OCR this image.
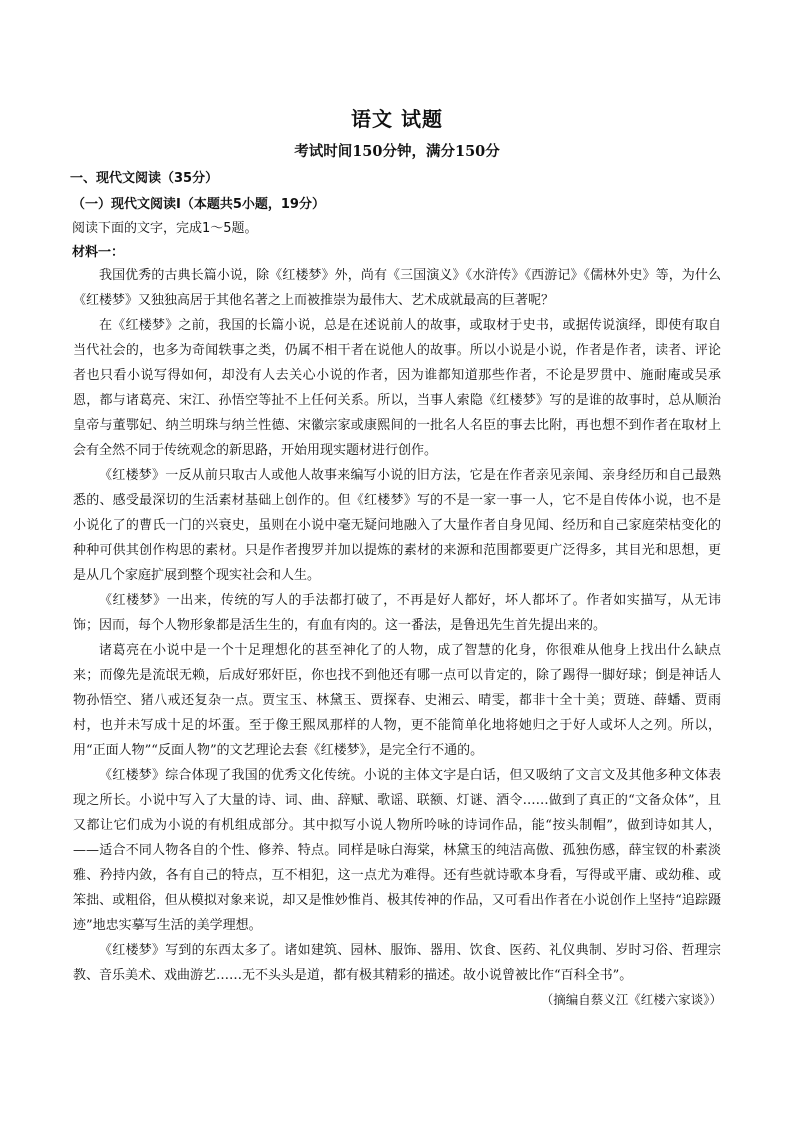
语文 试题
考试时间150分钟，满分150分
一、现代文阅读（35分）
（一）现代文阅读Ⅰ（本题共5小题，19分）
阅读下面的文字，完成1～5题。
材料一：

我国优秀的古典长篇小说，除《红楼梦》外，尚有《三国演义》《水浒传》《西游记》《儒林外史》等，为什么《红楼梦》又独独高居于其他名著之上而被推崇为最伟大、艺术成就最高的巨著呢？

在《红楼梦》之前，我国的长篇小说，总是在述说前人的故事，或取材于史书，或据传说演绎，即使有取自当代社会的，也多为奇闻轶事之类，仍属不相干者在说他人的故事。所以小说是小说，作者是作者，读者、评论者也只看小说写得如何，却没有人去关心小说的作者，因为谁都知道那些作者，不论是罗贯中、施耐庵或吴承恩，都与诸葛亮、宋江、孙悟空等扯不上任何关系。所以，当事人索隐《红楼梦》写的是谁的故事时，总从顺治皇帝与董鄂妃、纳兰明珠与纳兰性德、宋徽宗家或康熙间的一批名人名臣的事去比附，再也想不到作者在取材上会有全然不同于传统观念的新思路，开始用现实题材进行创作。

《红楼梦》一反从前只取古人或他人故事来编写小说的旧方法，它是在作者亲见亲闻、亲身经历和自己最熟悉的、感受最深切的生活素材基础上创作的。但《红楼梦》写的不是一家一事一人，它不是自传体小说，也不是小说化了的曹氏一门的兴衰史，虽则在小说中毫无疑问地融入了大量作者自身见闻、经历和自己家庭荣枯变化的种种可供其创作构思的素材。只是作者搜罗并加以提炼的素材的来源和范围都要更广泛得多，其目光和思想，更是从几个家庭扩展到整个现实社会和人生。

《红楼梦》一出来，传统的写人的手法都打破了，不再是好人都好，坏人都坏了。作者如实描写，从无讳饰；因而，每个人物形象都是活生生的，有血有肉的。这一番法，是鲁迅先生首先提出来的。

诸葛亮在小说中是一个十足理想化的甚至神化了的人物，成了智慧的化身，你很难从他身上找出什么缺点来；而像先是流氓无赖，后成好邪奸臣，你也找不到他还有哪一点可以肯定的，除了踢得一脚好球；倒是神话人物孙悟空、猪八戒还复杂一点。贾宝玉、林黛玉、贾探春、史湘云、晴雯，都非十全十美；贾琏、薛蟠、贾雨村，也并未写成十足的坏蛋。至于像王熙凤那样的人物，更不能简单化地将她归之于好人或坏人之列。所以，用“正面人物”“反面人物”的文艺理论去套《红楼梦》，是完全行不通的。

《红楼梦》综合体现了我国的优秀文化传统。小说的主体文字是白话，但又吸纳了文言文及其他多种文体表现之所长。小说中写入了大量的诗、词、曲、辞赋、歌谣、联额、灯谜、酒令……做到了真正的“文备众体”，且又都让它们成为小说的有机组成部分。其中拟写小说人物所吟咏的诗词作品，能“按头制帽”，做到诗如其人，——适合不同人物各自的个性、修养、特点。同样是咏白海棠，林黛玉的纯洁高傲、孤独伤感，薛宝钗的朴素淡雅、矜持内敛，各有自己的特点，互不相犯，这一点尤为难得。还有些就诗歌本身看，写得或平庸、或幼稚、或笨拙、或粗俗，但从模拟对象来说，却又是惟妙惟肖、极其传神的作品，又可看出作者在小说创作上坚持“追踪蹑迹”地忠实摹写生活的美学理想。

《红楼梦》写到的东西太多了。诸如建筑、园林、服饰、器用、饮食、医药、礼仪典制、岁时习俗、哲理宗教、音乐美术、戏曲游艺……无不头头是道，都有极其精彩的描述。故小说曾被比作“百科全书”。

（摘编自蔡义江《红楼六家谈》）
